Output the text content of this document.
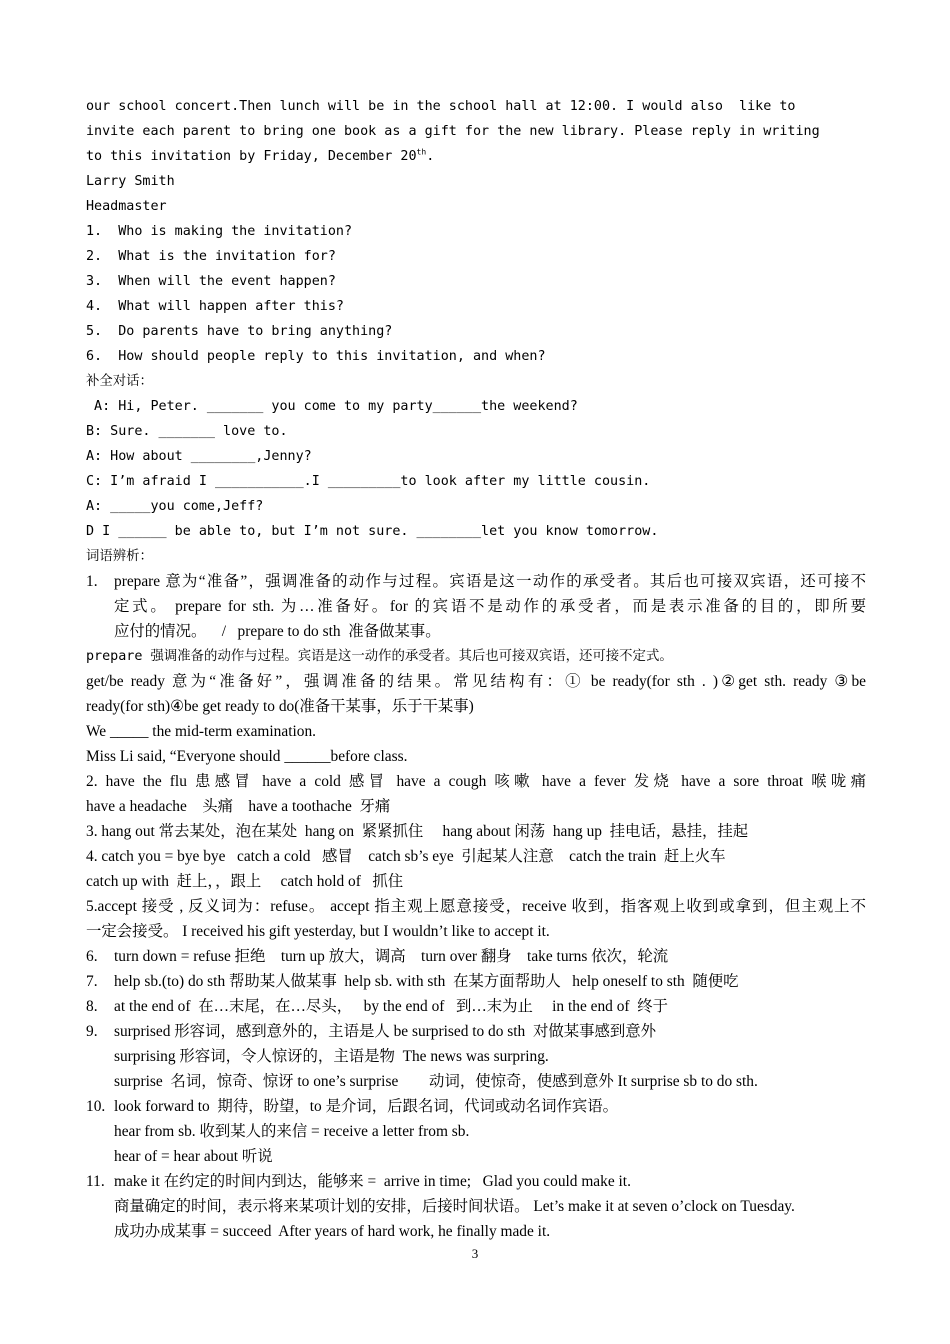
our school concert.Then lunch will be in the school hall at 12:00. I would also  like to
invite each parent to bring one book as a gift for the new library. Please reply in writing
to this invitation by Friday, December 20th.
Larry Smith
Headmaster
1.  Who is making the invitation?
2.  What is the invitation for?
3.  When will the event happen?
4.  What will happen after this?
5.  Do parents have to bring anything?
6.  How should people reply to this invitation, and when?
补全对话：
A: Hi, Peter. _______ you come to my party______the weekend?
B: Sure. _______ love to.
A: How about ________,Jenny?
C: I’m afraid I ___________.I _________to look after my little cousin.
A: _____you come,Jeff?
D I ______ be able to, but I’m not sure. ________let you know tomorrow.
词语辨析：
1.	prepare 意为“准备”，强调准备的动作与过程。宾语是这一动作的承受者。其后也可接双宾语，还可接不
定式。 prepare for sth. 为…准备好。for 的宾语不是动作的承受者，而是表示准备的目的，即所要
应付的情况。    /   prepare to do sth  准备做某事。
prepare 强调准备的动作与过程。宾语是这一动作的承受者。其后也可接双宾语，还可接不定式。
get/be ready 意为“准备好”，强调准备的结果。常见结构有：① be ready(for sth . )②get sth. ready ③be
ready(for sth)④be get ready to do(准备干某事，乐于干某事)
We _____ the mid-term examination.
Miss Li said, “Everyone should ______before class.
2. have the flu 患感冒 have a cold 感冒 have a cough 咳嗽 have a fever 发烧 have a sore throat 喉咙痛
have a headache    头痛    have a toothache  牙痛
3. hang out 常去某处，泡在某处  hang on  紧紧抓住     hang about 闲荡  hang up  挂电话，悬挂，挂起
4. catch you = bye bye   catch a cold   感冒    catch sb’s eye  引起某人注意    catch the train  赶上火车
catch up with  赶上，，跟上     catch hold of   抓住
5.accept 接受 , 反义词为：refuse。 accept 指主观上愿意接受，receive 收到，指客观上收到或拿到，但主观上不
一定会接受。 I received his gift yesterday, but I wouldn’t like to accept it.
6.	turn down = refuse 拒绝    turn up 放大，调高    turn over 翻身    take turns 依次，轮流
7.	help sb.(to) do sth 帮助某人做某事  help sb. with sth  在某方面帮助人   help oneself to sth  随便吃
8.	at the end of  在…末尾，在…尽头，   by the end of   到…末为止     in the end of  终于
9.	surprised 形容词，感到意外的，主语是人 be surprised to do sth  对做某事感到意外
surprising 形容词，令人惊讶的，主语是物  The news was surpring.
surprise  名词，惊奇、惊讶 to one’s surprise        动词，使惊奇，使感到意外 It surprise sb to do sth.
10. look forward to  期待，盼望，to 是介词，后跟名词，代词或动名词作宾语。
hear from sb. 收到某人的来信 = receive a letter from sb.
hear of = hear about 听说
11. make it 在约定的时间内到达，能够来 =  arrive in time;   Glad you could make it.
商量确定的时间，表示将来某项计划的安排，后接时间状语。 Let’s make it at seven o’clock on Tuesday.
成功办成某事 = succeed  After years of hard work, he finally made it.
3
